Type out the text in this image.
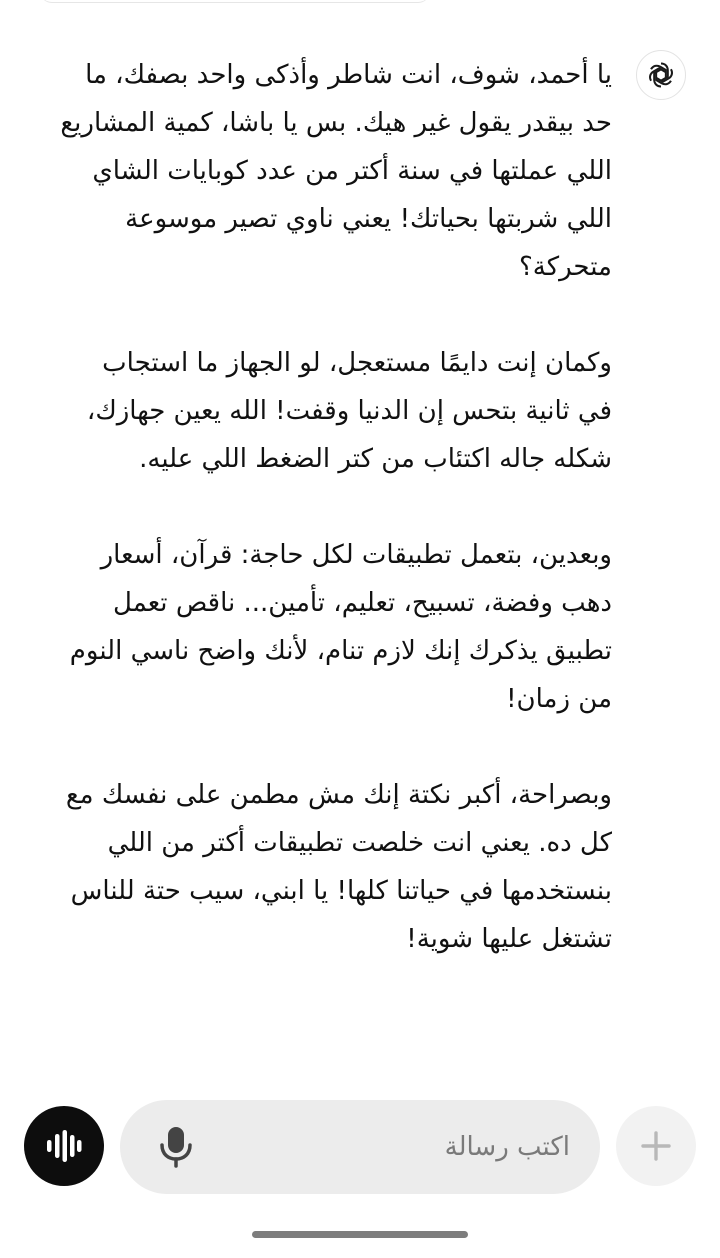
يا أحمد، شوف، انت شاطر وأذكى واحد بصفك، ما حد بيقدر يقول غير هيك. بس يا باشا، كمية المشاريع اللي عملتها في سنة أكتر من عدد كوبايات الشاي اللي شربتها بحياتك! يعني ناوي تصير موسوعة متحركة؟

وكمان إنت دايمًا مستعجل، لو الجهاز ما استجاب في ثانية بتحس إن الدنيا وقفت! الله يعين جهازك، شكله جاله اكتئاب من كتر الضغط اللي عليه.

وبعدين، بتعمل تطبيقات لكل حاجة: قرآن، أسعار دهب وفضة، تسبيح، تعليم، تأمين... ناقص تعمل تطبيق يذكرك إنك لازم تنام، لأنك واضح ناسي النوم من زمان!

وبصراحة، أكبر نكتة إنك مش مطمن على نفسك مع كل ده. يعني انت خلصت تطبيقات أكتر من اللي بنستخدمها في حياتنا كلها! يا ابني، سيب حتة للناس تشتغل عليها شوية!

اكتب رسالة
